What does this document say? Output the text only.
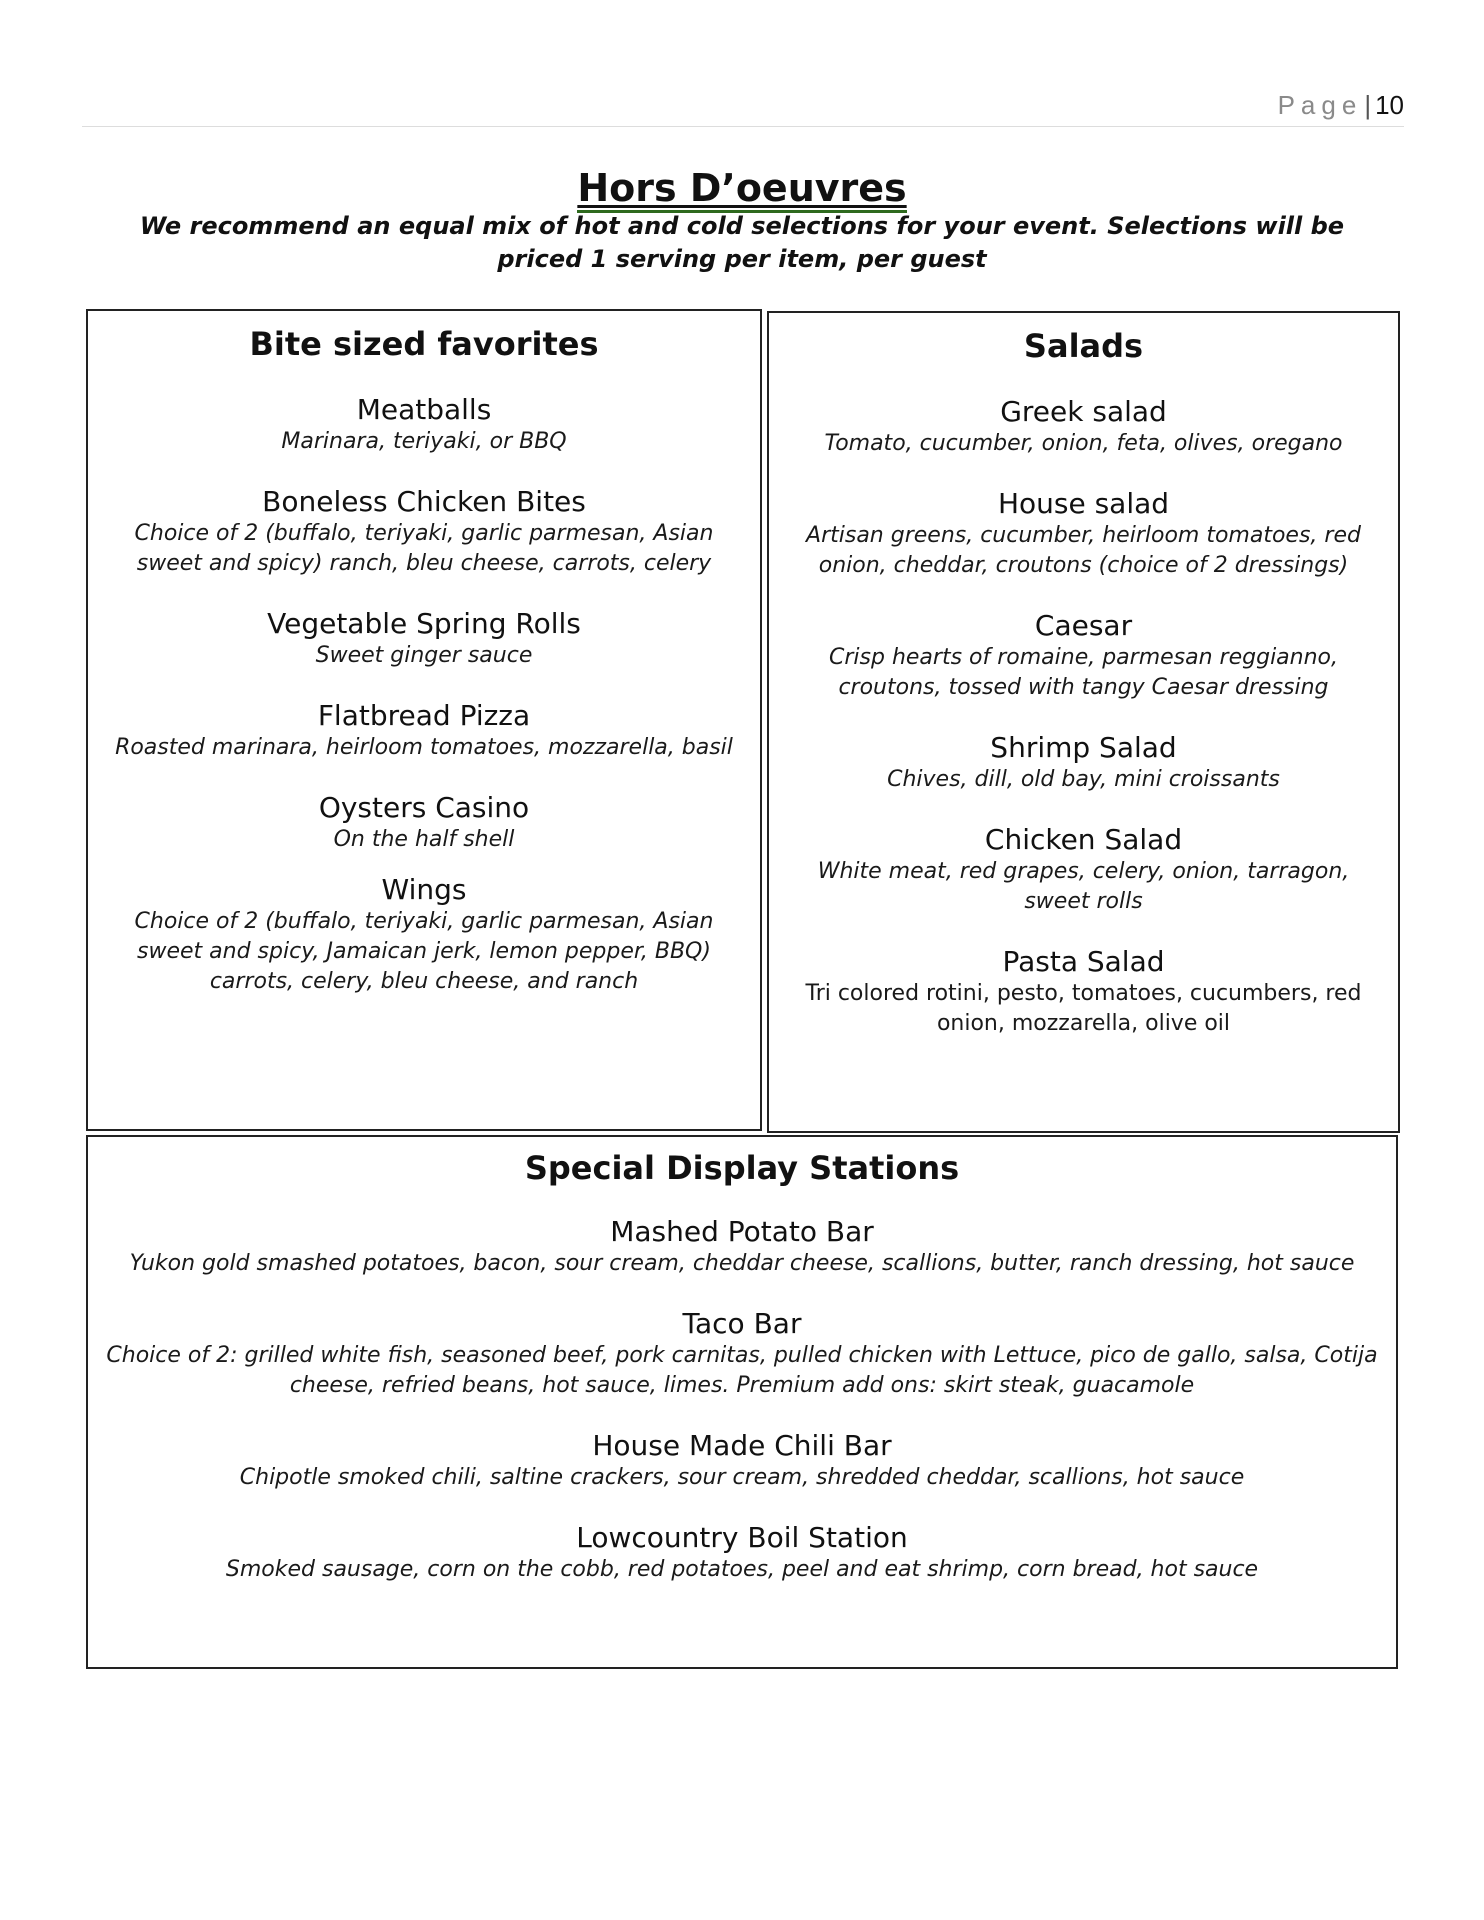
Page| 10
Hors D’oeuvres
We recommend an equal mix of hot and cold selections for your event. Selections will be priced 1 serving per item, per guest
Bite sized favorites
Meatballs
Marinara, teriyaki, or BBQ
Boneless Chicken Bites
Choice of 2 (buffalo, teriyaki, garlic parmesan, Asian sweet and spicy) ranch, bleu cheese, carrots, celery
Vegetable Spring Rolls
Sweet ginger sauce
Flatbread Pizza
Roasted marinara, heirloom tomatoes, mozzarella, basil
Oysters Casino
On the half shell
Wings
Choice of 2 (buffalo, teriyaki, garlic parmesan, Asian sweet and spicy, Jamaican jerk, lemon pepper, BBQ) carrots, celery, bleu cheese, and ranch
Salads
Greek salad
Tomato, cucumber, onion, feta, olives, oregano
House salad
Artisan greens, cucumber, heirloom tomatoes, red onion, cheddar, croutons (choice of 2 dressings)
Caesar
Crisp hearts of romaine, parmesan reggianno, croutons, tossed with tangy Caesar dressing
Shrimp Salad
Chives, dill, old bay, mini croissants
Chicken Salad
White meat, red grapes, celery, onion, tarragon, sweet rolls
Pasta Salad
Tri colored rotini, pesto, tomatoes, cucumbers, red onion, mozzarella, olive oil
Special Display Stations
Mashed Potato Bar
Yukon gold smashed potatoes, bacon, sour cream, cheddar cheese, scallions, butter, ranch dressing, hot sauce
Taco Bar
Choice of 2: grilled white fish, seasoned beef, pork carnitas, pulled chicken with Lettuce, pico de gallo, salsa, Cotija cheese, refried beans, hot sauce, limes. Premium add ons: skirt steak, guacamole
House Made Chili Bar
Chipotle smoked chili, saltine crackers, sour cream, shredded cheddar, scallions, hot sauce
Lowcountry Boil Station
Smoked sausage, corn on the cobb, red potatoes, peel and eat shrimp, corn bread, hot sauce
